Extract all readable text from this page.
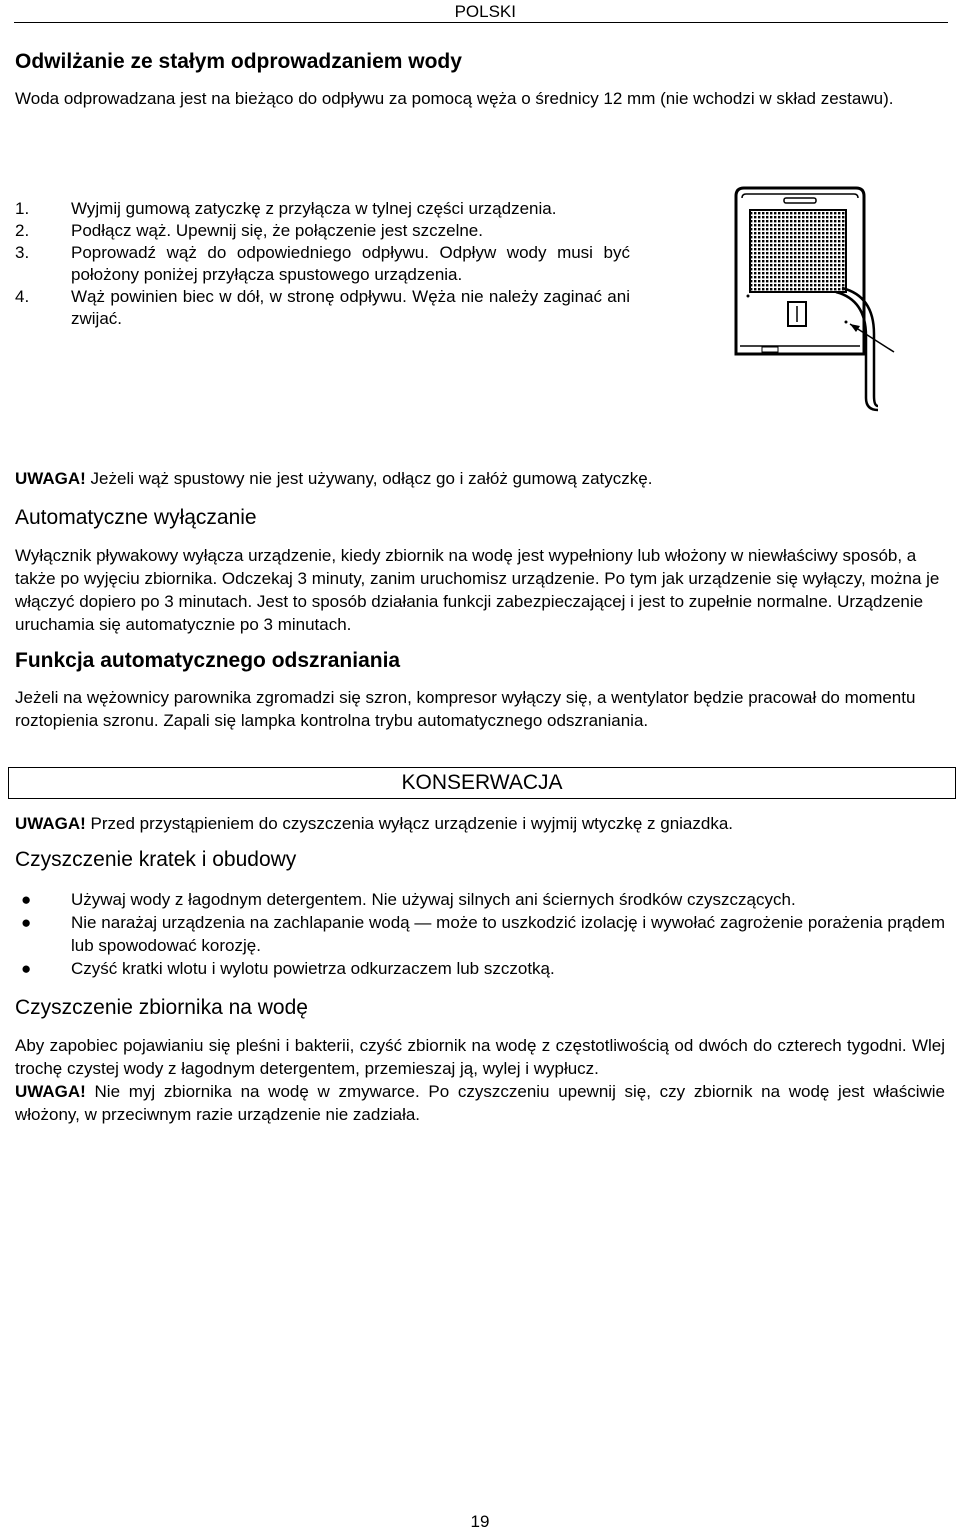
POLSKI
Odwilżanie ze stałym odprowadzaniem wody
Woda odprowadzana jest na bieżąco do odpływu za pomocą węża o średnicy 12 mm (nie wchodzi w skład zestawu).
1.	Wyjmij gumową zatyczkę z przyłącza w tylnej części urządzenia.
2.	Podłącz wąż. Upewnij się, że połączenie jest szczelne.
3.	Poprowadź wąż do odpowiedniego odpływu. Odpływ wody musi być położony poniżej przyłącza spustowego urządzenia.
4.	Wąż powinien biec w dół, w stronę odpływu. Węża nie należy zaginać ani zwijać.
UWAGA! Jeżeli wąż spustowy nie jest używany, odłącz go i załóż gumową zatyczkę.
Automatyczne wyłączanie
Wyłącznik pływakowy wyłącza urządzenie, kiedy zbiornik na wodę jest wypełniony lub włożony w niewłaściwy sposób, a także po wyjęciu zbiornika. Odczekaj 3 minuty, zanim uruchomisz urządzenie. Po tym jak urządzenie się wyłączy, można je włączyć dopiero po 3 minutach. Jest to sposób działania funkcji zabezpieczającej i jest to zupełnie normalne. Urządzenie uruchamia się automatycznie po 3 minutach.
Funkcja automatycznego odszraniania
Jeżeli na wężownicy parownika zgromadzi się szron, kompresor wyłączy się, a wentylator będzie pracował do momentu roztopienia szronu. Zapali się lampka kontrolna trybu automatycznego odszraniania.
KONSERWACJA
UWAGA! Przed przystąpieniem do czyszczenia wyłącz urządzenie i wyjmij wtyczkę z gniazdka.
Czyszczenie kratek i obudowy
●	Używaj wody z łagodnym detergentem. Nie używaj silnych ani ściernych środków czyszczących.
●	Nie narażaj urządzenia na zachlapanie wodą — może to uszkodzić izolację i wywołać zagrożenie porażenia prądem lub spowodować korozję.
●	Czyść kratki wlotu i wylotu powietrza odkurzaczem lub szczotką.
Czyszczenie zbiornika na wodę
Aby zapobiec pojawianiu się pleśni i bakterii, czyść zbiornik na wodę z częstotliwością od dwóch do czterech tygodni. Wlej trochę czystej wody z łagodnym detergentem, przemieszaj ją, wylej i wypłucz.
UWAGA! Nie myj zbiornika na wodę w zmywarce. Po czyszczeniu upewnij się, czy zbiornik na wodę jest właściwie włożony, w przeciwnym razie urządzenie nie zadziała.
19
